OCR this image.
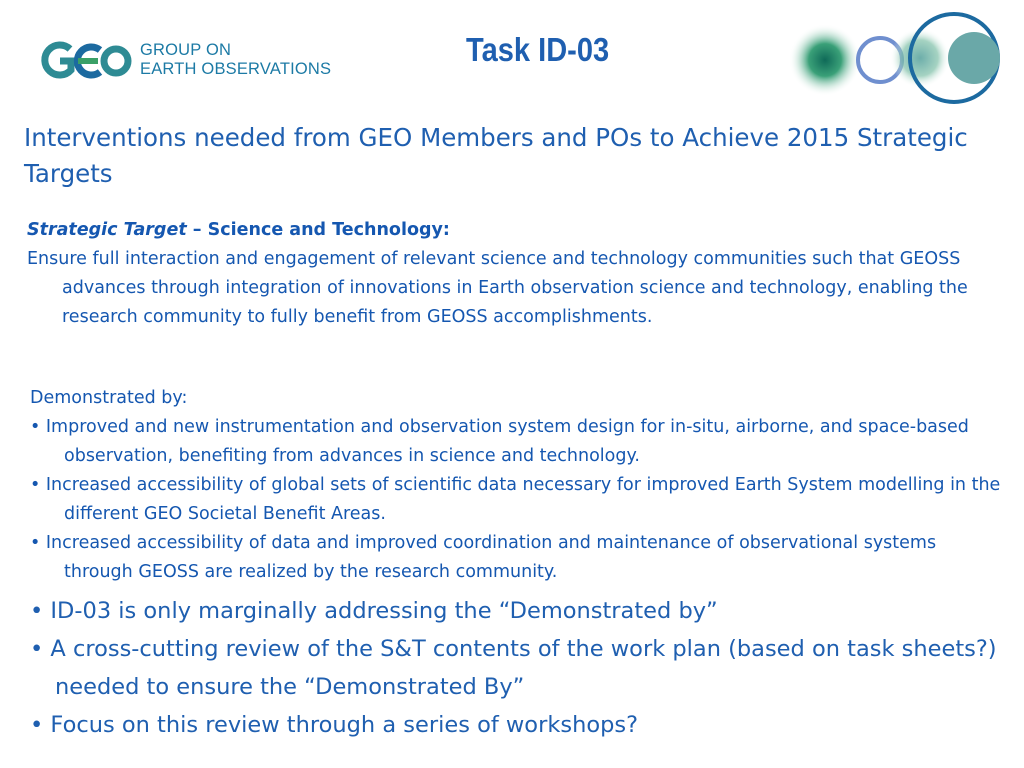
GROUP ON
EARTH OBSERVATIONS
Task ID-03
Interventions needed from GEO Members and POs to Achieve 2015 Strategic Targets
Strategic Target – Science and Technology:

Ensure full interaction and engagement of relevant science and technology communities such that GEOSS advances through integration of innovations in Earth observation science and technology, enabling the research community to fully benefit from GEOSS accomplishments.

Demonstrated by:

• Improved and new instrumentation and observation system design for in-situ, airborne, and space-based observation, benefiting from advances in science and technology.

• Increased accessibility of global sets of scientific data necessary for improved Earth System modelling in the different GEO Societal Benefit Areas.

• Increased accessibility of data and improved coordination and maintenance of observational systems through GEOSS are realized by the research community.

• ID-03 is only marginally addressing the “Demonstrated by”

• A cross-cutting review of the S&T contents of the work plan (based on task sheets?) needed to ensure the “Demonstrated By”

• Focus on this review through a series of workshops?
